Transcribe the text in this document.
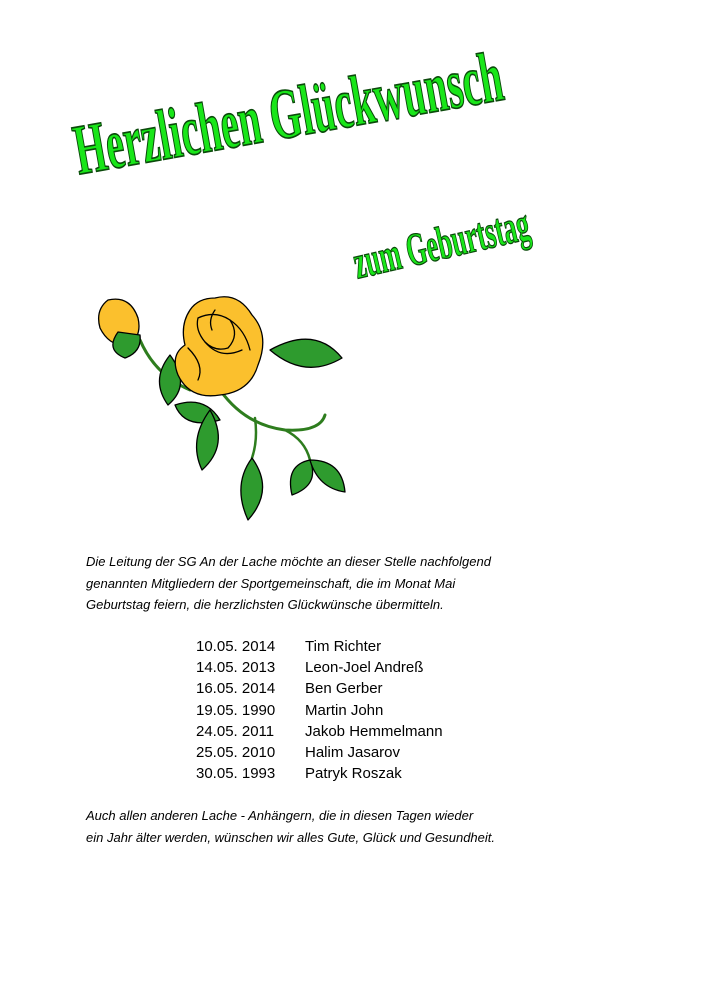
Herzlichen Glückwunsch
zum Geburtstag

Die Leitung der SG An der Lache möchte an dieser Stelle nachfolgend
genannten Mitgliedern der Sportgemeinschaft, die im Monat Mai
Geburtstag feiern, die herzlichsten Glückwünsche übermitteln.

10.05. 2014 Tim Richter
14.05. 2013 Leon-Joel Andreß
16.05. 2014 Ben Gerber
19.05. 1990 Martin John
24.05. 2011 Jakob Hemmelmann
25.05. 2010 Halim Jasarov
30.05. 1993 Patryk Roszak

Auch allen anderen Lache - Anhängern, die in diesen Tagen wieder
ein Jahr älter werden, wünschen wir alles Gute, Glück und Gesundheit.
